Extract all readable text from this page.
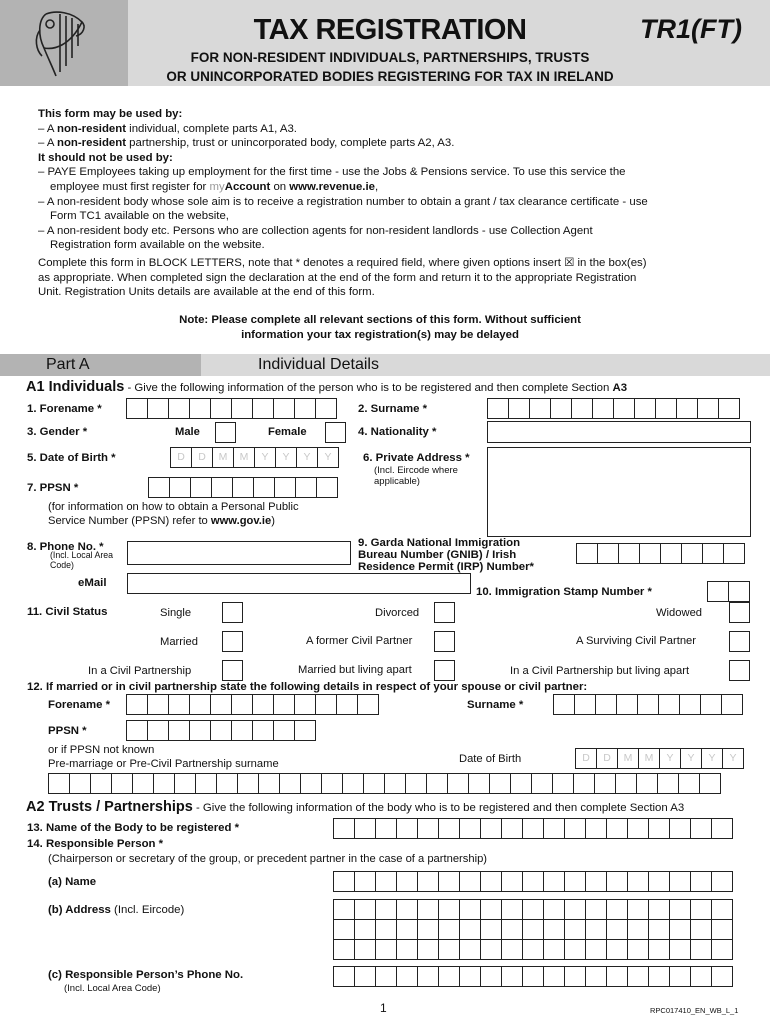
TAX REGISTRATION	TR1(FT)
FOR NON-RESIDENT INDIVIDUALS, PARTNERSHIPS, TRUSTS
OR UNINCORPORATED BODIES REGISTERING FOR TAX IN IRELAND
This form may be used by:
– A non-resident individual, complete parts A1, A3.
– A non-resident partnership, trust or unincorporated body, complete parts A2, A3.
It should not be used by:
– PAYE Employees taking up employment for the first time - use the Jobs & Pensions service. To use this service the
employee must first register for myAccount on www.revenue.ie,
– A non-resident body whose sole aim is to receive a registration number to obtain a grant / tax clearance certificate - use
Form TC1 available on the website,
– A non-resident body etc. Persons who are collection agents for non-resident landlords - use Collection Agent
Registration form available on the website.
Complete this form in BLOCK LETTERS, note that * denotes a required field, where given options insert ☒ in the box(es)
as appropriate. When completed sign the declaration at the end of the form and return it to the appropriate Registration
Unit. Registration Units details are available at the end of this form.
Note: Please complete all relevant sections of this form. Without sufficient
information your tax registration(s) may be delayed
Part A	Individual Details
A1 Individuals - Give the following information of the person who is to be registered and then complete Section A3
1. Forename *	2. Surname *
3. Gender *	Male	Female	4. Nationality *
5. Date of Birth *	D	D	M	M	Y	Y	Y	Y	6. Private Address *
(Incl. Eircode where applicable)
7. PPSN *
(for information on how to obtain a Personal Public
Service Number (PPSN) refer to www.gov.ie)
8. Phone No. *
(Incl. Local Area Code)
9. Garda National Immigration
Bureau Number (GNIB) / Irish
Residence Permit (IRP) Number*
eMail
10. Immigration Stamp Number *
11. Civil Status	Single	Divorced	Widowed
Married	A former Civil Partner	A Surviving Civil Partner
In a Civil Partnership	Married but living apart	In a Civil Partnership but living apart
12. If married or in civil partnership state the following details in respect of your spouse or civil partner:
Forename *	Surname *
PPSN *
or if PPSN not known
Pre-marriage or Pre-Civil Partnership surname	Date of Birth	D	D	M	M	Y	Y	Y	Y
A2 Trusts / Partnerships - Give the following information of the body who is to be registered and then complete Section A3
13. Name of the Body to be registered *
14. Responsible Person *
(Chairperson or secretary of the group, or precedent partner in the case of a partnership)
(a) Name
(b) Address (Incl. Eircode)
(c) Responsible Person’s Phone No.
(Incl. Local Area Code)
1	RPC017410_EN_WB_L_1
